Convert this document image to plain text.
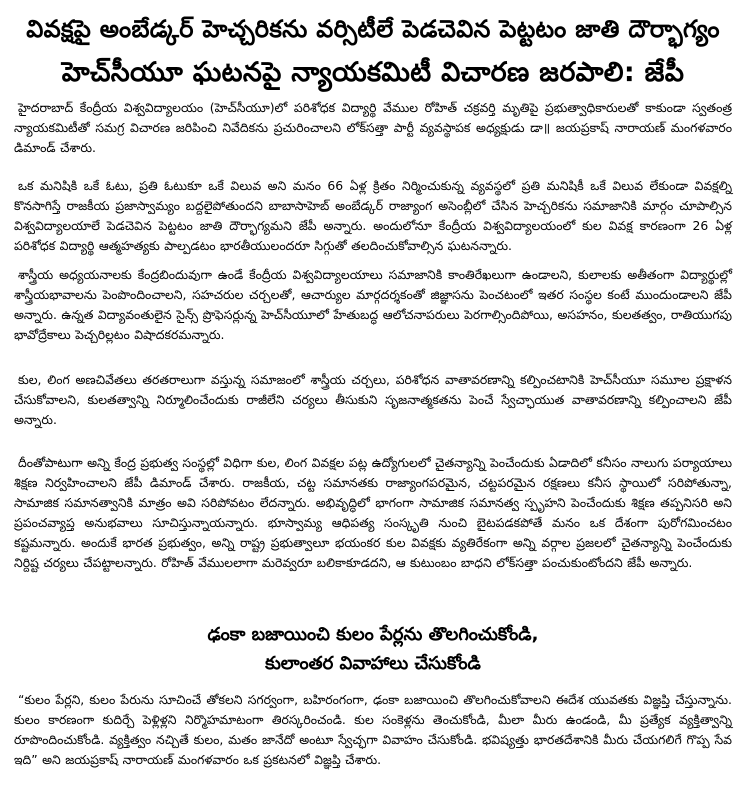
వివక్షపై అంబేడ్కర్ హెచ్చరికను వర్సిటీలే పెడచెవిన పెట్టటం జాతి దౌర్భాగ్యం
హెచ్‌సీయూ ఘటనపై న్యాయకమిటీ విచారణ జరపాలి: జేపీ

హైదరాబాద్ కేంద్రీయ విశ్వవిద్యాలయం (హెచ్‌సీయూ)లో పరిశోధక విద్యార్థి వేముల రోహిత్ చక్రవర్తి మృతిపై ప్రభుత్వాధికారులతో కాకుండా స్వతంత్ర న్యాయకమిటీతో సమగ్ర విచారణ జరిపించి నివేదికను ప్రచురించాలని లోక్‌సత్తా పార్టీ వ్యవస్థాపక అధ్యక్షుడు డా॥ జయప్రకాష్ నారాయణ్ మంగళవారం డిమాండ్ చేశారు.

ఒక మనిషికి ఒకే ఓటు, ప్రతి ఓటుకూ ఒకే విలువ అని మనం 66 ఏళ్ల క్రితం నిర్మించుకున్న వ్యవస్థలో ప్రతి మనిషికీ ఒకే విలువ లేకుండా వివక్షల్ని కొనసాగిస్తే రాజకీయ ప్రజాస్వామ్యం బద్దలైపోతుందని బాబాసాహెబ్ అంబేడ్కర్ రాజ్యాంగ అసెంబ్లీలో చేసిన హెచ్చరికను సమాజానికి మార్గం చూపాల్సిన విశ్వవిద్యాలయాలే పెడచెవిన పెట్టటం జాతి దౌర్భాగ్యమని జేపీ అన్నారు. అందులోనూ కేంద్రీయ విశ్వవిద్యాలయంలో కుల వివక్ష కారణంగా 26 ఏళ్ల పరిశోధక విద్యార్థి ఆత్మహత్యకు పాల్పడటం భారతీయులందరూ సిగ్గుతో తలదించుకోవాల్సిన ఘటనన్నారు.

శాస్త్రీయ అధ్యయనాలకు కేంద్రబిందువుగా ఉండే కేంద్రీయ విశ్వవిద్యాలయాలు సమాజానికి కాంతిరేఖలుగా ఉండాలని, కులాలకు అతీతంగా విద్యార్థుల్లో శాస్త్రీయభావాలను పెంపొందించాలని, సహచరుల చర్చలతో, ఆచార్యుల మార్గదర్శకంతో జిజ్ఞాసను పెంచటంలో ఇతర సంస్థల కంటే ముందుండాలని జేపీ అన్నారు. ఉన్నత విద్యావంతులైన సైన్స్ ప్రొఫెసర్లున్న హెచ్‌సీయూలో హేతుబద్ధ ఆలోచనాపరులు పెరగాల్సిందిపోయి, అసహనం, కులతత్వం, రాతియుగపు భావోద్రేకాలు పెచ్చరిల్లటం విషాదకరమన్నారు.

కుల, లింగ అణచివేతలు తరతరాలుగా వస్తున్న సమాజంలో శాస్త్రీయ చర్చలు, పరిశోధన వాతావరణాన్ని కల్పించటానికి హెచ్‌సీయూ సమూల ప్రక్షాళన చేసుకోవాలని, కులతత్వాన్ని నిర్మూలించేందుకు రాజీలేని చర్యలు తీసుకుని సృజనాత్మకతను పెంచే స్వేచ్ఛాయుత వాతావరణాన్ని కల్పించాలని జేపీ అన్నారు.

దీంతోపాటుగా అన్ని కేంద్ర ప్రభుత్వ సంస్థల్లో విధిగా కుల, లింగ వివక్షల పట్ల ఉద్యోగులలో చైతన్యాన్ని పెంచేందుకు ఏడాదిలో కనీసం నాలుగు పర్యాయాలు శిక్షణ నిర్వహించాలని జేపీ డిమాండ్ చేశారు. రాజకీయ, చట్ట సమానతకు రాజ్యాంగపరమైన, చట్టపరమైన రక్షణలు కనీస స్థాయిలో సరిపోతున్నా, సామాజిక సమానత్వానికి మాత్రం అవి సరిపోవటం లేదన్నారు. అభివృద్ధిలో భాగంగా సామాజిక సమానత్వ స్పృహని పెంచేందుకు శిక్షణ తప్పనిసరి అని ప్రపంచవ్యాప్త అనుభవాలు సూచిస్తున్నాయన్నారు. భూస్వామ్య ఆధిపత్య సంస్కృతి నుంచి బైటపడకపోతే మనం ఒక దేశంగా పురోగమించటం కష్టమన్నారు. అందుకే భారత ప్రభుత్వం, అన్ని రాష్ట్ర ప్రభుత్వాలూ భయంకర కుల వివక్షకు వ్యతిరేకంగా అన్ని వర్గాల ప్రజలలో చైతన్యాన్ని పెంచేందుకు నిర్దిష్ట చర్యలు చేపట్టాలన్నారు. రోహిత్ వేములలాగా మరెవ్వరూ బలికాకూడదని, ఆ కుటుంబం బాధని లోక్‌సత్తా పంచుకుంటోందని జేపీ అన్నారు.

ఢంకా బజాయించి కులం పేర్లను తొలగించుకోండి,
కులాంతర వివాహాలు చేసుకోండి

“కులం పేర్లని, కులం పేరును సూచించే తోకలని సగర్వంగా, బహిరంగంగా, ఢంకా బజాయించి తొలగించుకోవాలని ఈదేశ యువతకు విజ్ఞప్తి చేస్తున్నాను. కులం కారణంగా కుదిర్చే పెళ్లిళ్లని నిర్మొహమాటంగా తిరస్కరించండి. కుల సంకెళ్లను తెంచుకోండి, మీలా మీరు ఉండండి, మీ ప్రత్యేక వ్యక్తిత్వాన్ని రూపొందించుకోండి. వ్యక్తిత్వం నచ్చితే కులం, మతం జానేదో అంటూ స్వేచ్ఛగా వివాహం చేసుకోండి. భవిష్యత్తు భారతదేశానికి మీరు చేయగలిగే గొప్ప సేవ ఇది” అని జయప్రకాష్ నారాయణ్ మంగళవారం ఒక ప్రకటనలో విజ్ఞప్తి చేశారు.
